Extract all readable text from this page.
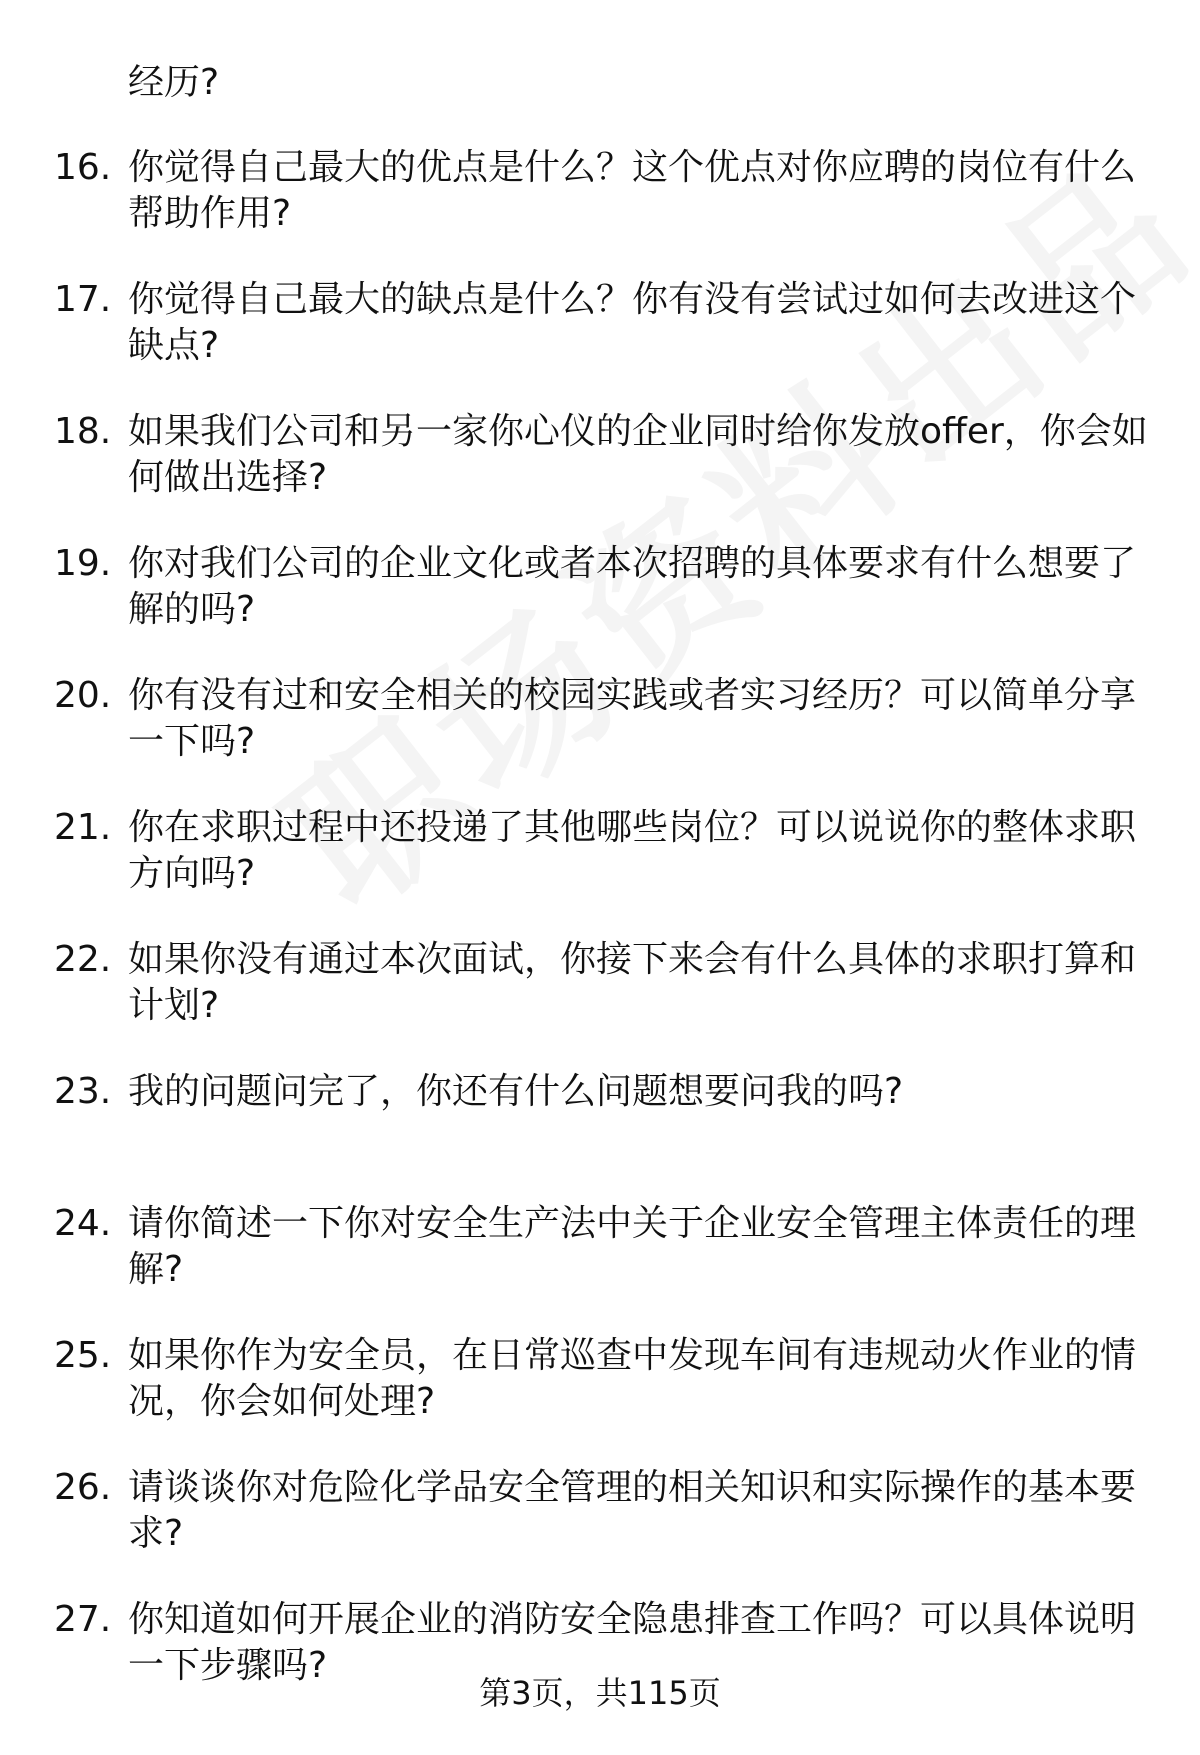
经历?
16. 你觉得自己最大的优点是什么？这个优点对你应聘的岗位有什么帮助作用?
17. 你觉得自己最大的缺点是什么？你有没有尝试过如何去改进这个缺点?
18. 如果我们公司和另一家你心仪的企业同时给你发放offer，你会如何做出选择?
19. 你对我们公司的企业文化或者本次招聘的具体要求有什么想要了解的吗?
20. 你有没有过和安全相关的校园实践或者实习经历？可以简单分享一下吗?
21. 你在求职过程中还投递了其他哪些岗位？可以说说你的整体求职方向吗?
22. 如果你没有通过本次面试，你接下来会有什么具体的求职打算和计划?
23. 我的问题问完了，你还有什么问题想要问我的吗?
24. 请你简述一下你对安全生产法中关于企业安全管理主体责任的理解?
25. 如果你作为安全员，在日常巡查中发现车间有违规动火作业的情况，你会如何处理?
26. 请谈谈你对危险化学品安全管理的相关知识和实际操作的基本要求?
27. 你知道如何开展企业的消防安全隐患排查工作吗？可以具体说明一下步骤吗?
第3页，共115页
